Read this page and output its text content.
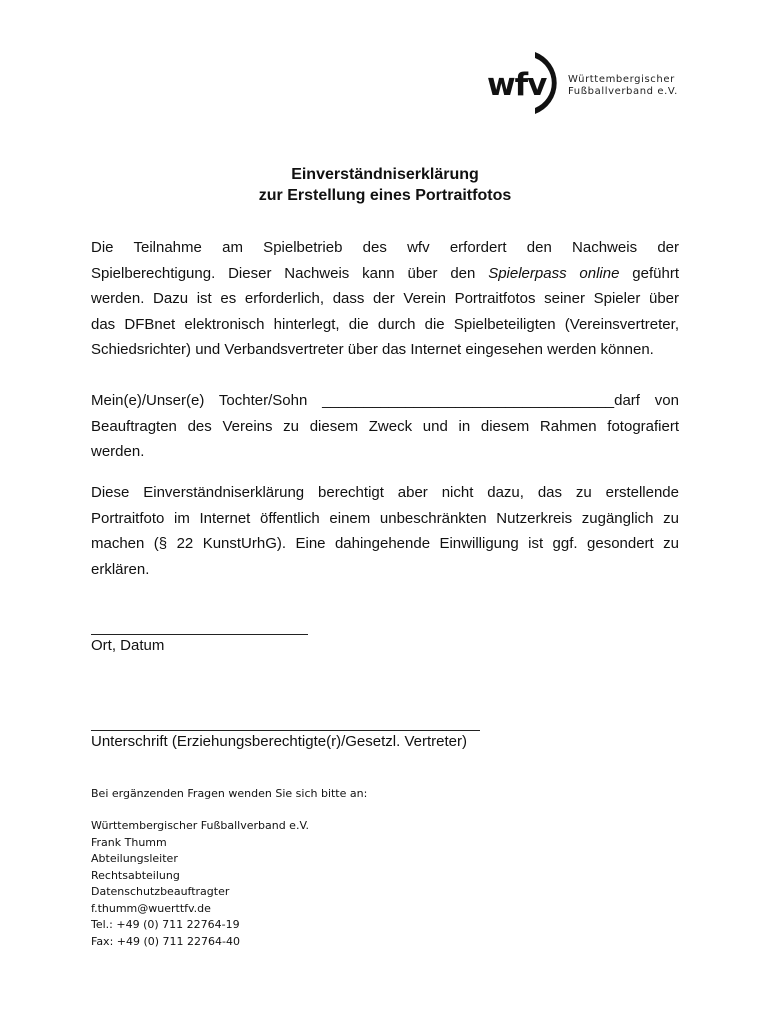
wfv Württembergischer
Fußballverband e.V.
Einverständniserklärung
zur Erstellung eines Portraitfotos
Die Teilnahme am Spielbetrieb des wfv erfordert den Nachweis der
Spielberechtigung. Dieser Nachweis kann über den Spielerpass online geführt
werden. Dazu ist es erforderlich, dass der Verein Portraitfotos seiner Spieler über
das DFBnet elektronisch hinterlegt, die durch die Spielbeteiligten (Vereinsvertreter,
Schiedsrichter) und Verbandsvertreter über das Internet eingesehen werden können.
Mein(e)/Unser(e) Tochter/Sohn ___________________________________darf von
Beauftragten des Vereins zu diesem Zweck und in diesem Rahmen fotografiert
werden.
Diese Einverständniserklärung berechtigt aber nicht dazu, das zu erstellende
Portraitfoto im Internet öffentlich einem unbeschränkten Nutzerkreis zugänglich zu
machen (§ 22 KunstUrhG). Eine dahingehende Einwilligung ist ggf. gesondert zu
erklären.
Ort, Datum
Unterschrift (Erziehungsberechtigte(r)/Gesetzl. Vertreter)
Bei ergänzenden Fragen wenden Sie sich bitte an:
Württembergischer Fußballverband e.V.
Frank Thumm
Abteilungsleiter
Rechtsabteilung
Datenschutzbeauftragter
f.thumm@wuerttfv.de
Tel.: +49 (0) 711 22764-19
Fax: +49 (0) 711 22764-40
